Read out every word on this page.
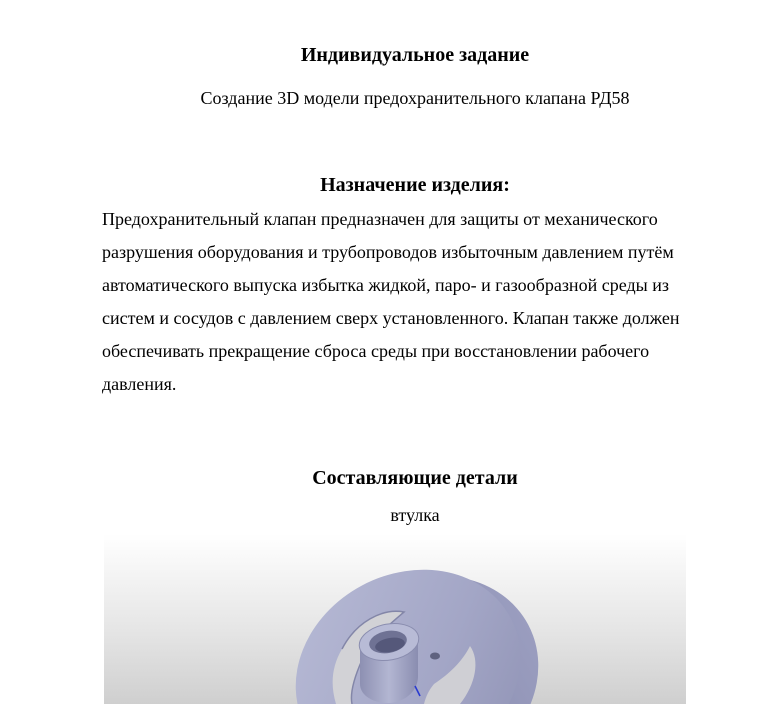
Индивидуальное задание
Создание 3D модели предохранительного клапана РД58
Назначение изделия:
Предохранительный клапан предназначен для защиты от механического
разрушения оборудования и трубопроводов избыточным давлением путём
автоматического выпуска избытка жидкой, паро- и газообразной среды из
систем и сосудов с давлением сверх установленного. Клапан также должен
обеспечивать прекращение сброса среды при восстановлении рабочего
давления.
Составляющие детали
втулка
